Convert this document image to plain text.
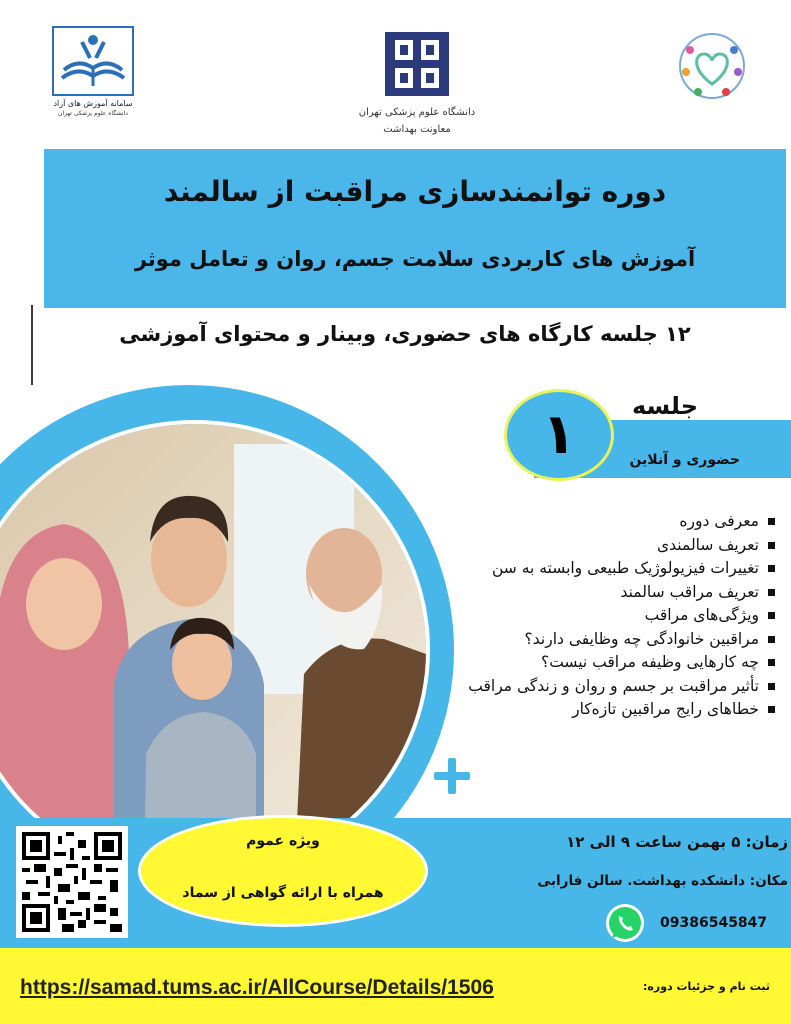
سامانه آموزش های آزاد
دانشگاه علوم پزشکی تهران	دانشگاه علوم پزشکی تهران
معاونت بهداشت
دوره توانمندسازی مراقبت از سالمند
آموزش های کاربردی سلامت جسم، روان و تعامل موثر
۱۲ جلسه کارگاه های حضوری، وبینار و محتوای آموزشی
۱	جلسه
حضوری و آنلاین
معرفی دوره
تعریف سالمندی
تغییرات فیزیولوژیک طبیعی وابسته به سن
تعریف مراقب سالمند
ویژگی‌های مراقب
مراقبین خانوادگی چه وظایفی دارند؟
چه کارهایی وظیفه مراقب نیست؟
تأثیر مراقبت بر جسم و روان و زندگی مراقب
خطاهای رایج مراقبین تازه‌کار
ویژه عموم
همراه با ارائه گواهی از سماد
زمان: ۵ بهمن ساعت ۹ الی ۱۲
مکان: دانشکده بهداشت. سالن فارابی
09386545847
https://samad.tums.ac.ir/AllCourse/Details/1506	ثبت نام و جزئیات دوره:
